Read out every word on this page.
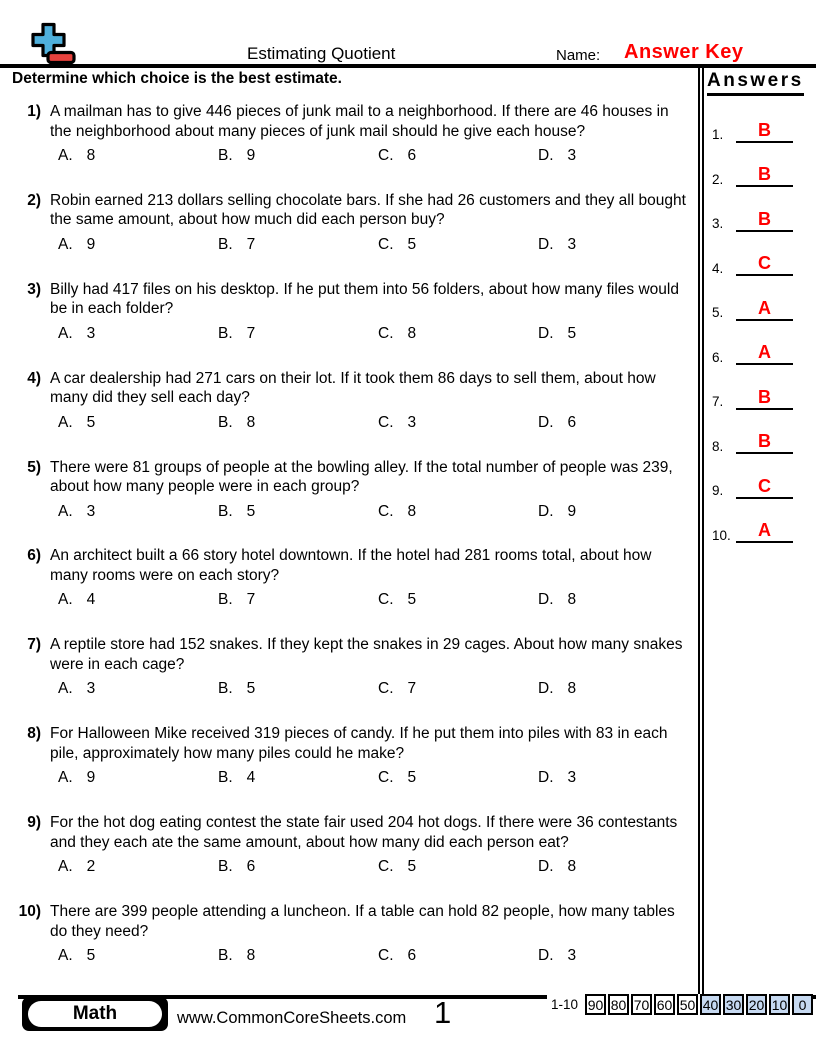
Estimating Quotient	Name: Answer Key
Determine which choice is the best estimate.
1) A mailman has to give 446 pieces of junk mail to a neighborhood. If there are 46 houses in the neighborhood about many pieces of junk mail should he give each house?
A. 8	B. 9	C. 6	D. 3
2) Robin earned 213 dollars selling chocolate bars. If she had 26 customers and they all bought the same amount, about how much did each person buy?
A. 9	B. 7	C. 5	D. 3
3) Billy had 417 files on his desktop. If he put them into 56 folders, about how many files would be in each folder?
A. 3	B. 7	C. 8	D. 5
4) A car dealership had 271 cars on their lot. If it took them 86 days to sell them, about how many did they sell each day?
A. 5	B. 8	C. 3	D. 6
5) There were 81 groups of people at the bowling alley. If the total number of people was 239, about how many people were in each group?
A. 3	B. 5	C. 8	D. 9
6) An architect built a 66 story hotel downtown. If the hotel had 281 rooms total, about how many rooms were on each story?
A. 4	B. 7	C. 5	D. 8
7) A reptile store had 152 snakes. If they kept the snakes in 29 cages. About how many snakes were in each cage?
A. 3	B. 5	C. 7	D. 8
8) For Halloween Mike received 319 pieces of candy. If he put them into piles with 83 in each pile, approximately how many piles could he make?
A. 9	B. 4	C. 5	D. 3
9) For the hot dog eating contest the state fair used 204 hot dogs. If there were 36 contestants and they each ate the same amount, about how many did each person eat?
A. 2	B. 6	C. 5	D. 8
10) There are 399 people attending a luncheon. If a table can hold 82 people, how many tables do they need?
A. 5	B. 8	C. 6	D. 3
Answers
1.	B
2.	B
3.	B
4.	C
5.	A
6.	A
7.	B
8.	B
9.	C
10.	A
Math	www.CommonCoreSheets.com 1	1-10 90 80 70 60 50 40 30 20 10 0
